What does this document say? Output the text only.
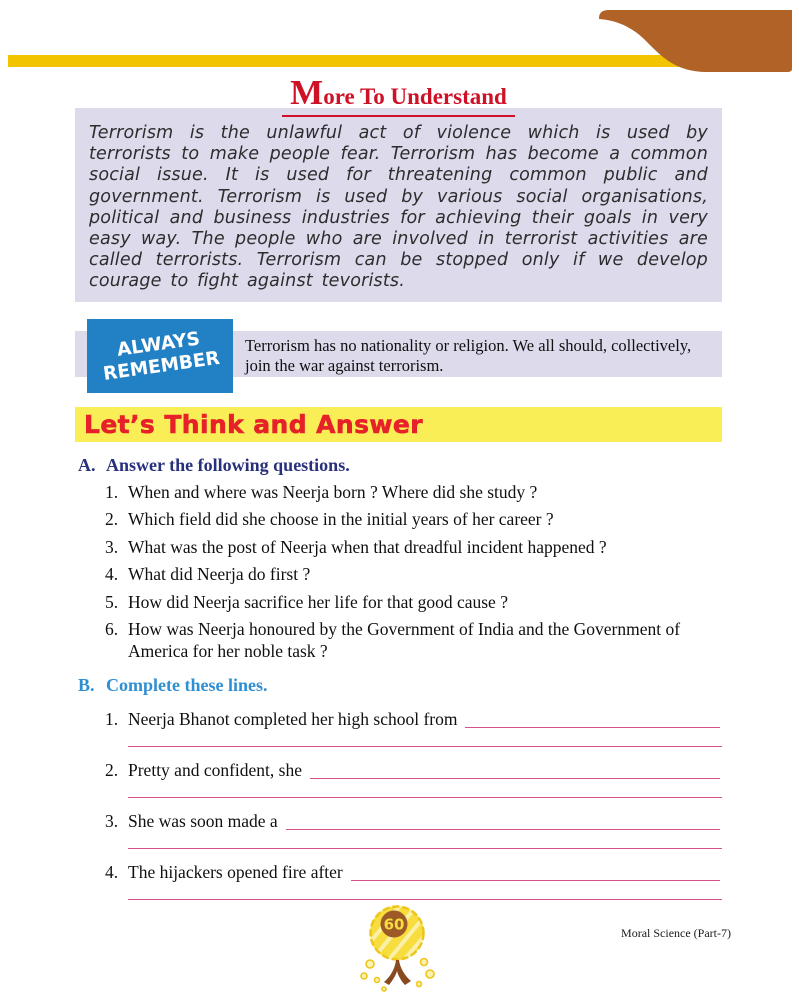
More To Understand
Terrorism is the unlawful act of violence which is used by terrorists to make people fear. Terrorism has become a common social issue. It is used for threatening common public and government. Terrorism is used by various social organisations, political and business industries for achieving their goals in very easy way. The people who are involved in terrorist activities are called terrorists. Terrorism can be stopped only if we develop courage to fight against tevorists.
ALWAYS REMEMBER
Terrorism has no nationality or religion. We all should, collectively, join the war against terrorism.
Let’s Think and Answer
A. Answer the following questions.
1. When and where was Neerja born ? Where did she study ?
2. Which field did she choose in the initial years of her career ?
3. What was the post of Neerja when that dreadful incident happened ?
4. What did Neerja do first ?
5. How did Neerja sacrifice her life for that good cause ?
6. How was Neerja honoured by the Government of India and the Government of America for her noble task ?
B. Complete these lines.
1. Neerja Bhanot completed her high school from
2. Pretty and confident, she
3. She was soon made a
4. The hijackers opened fire after
60	Moral Science (Part-7)
